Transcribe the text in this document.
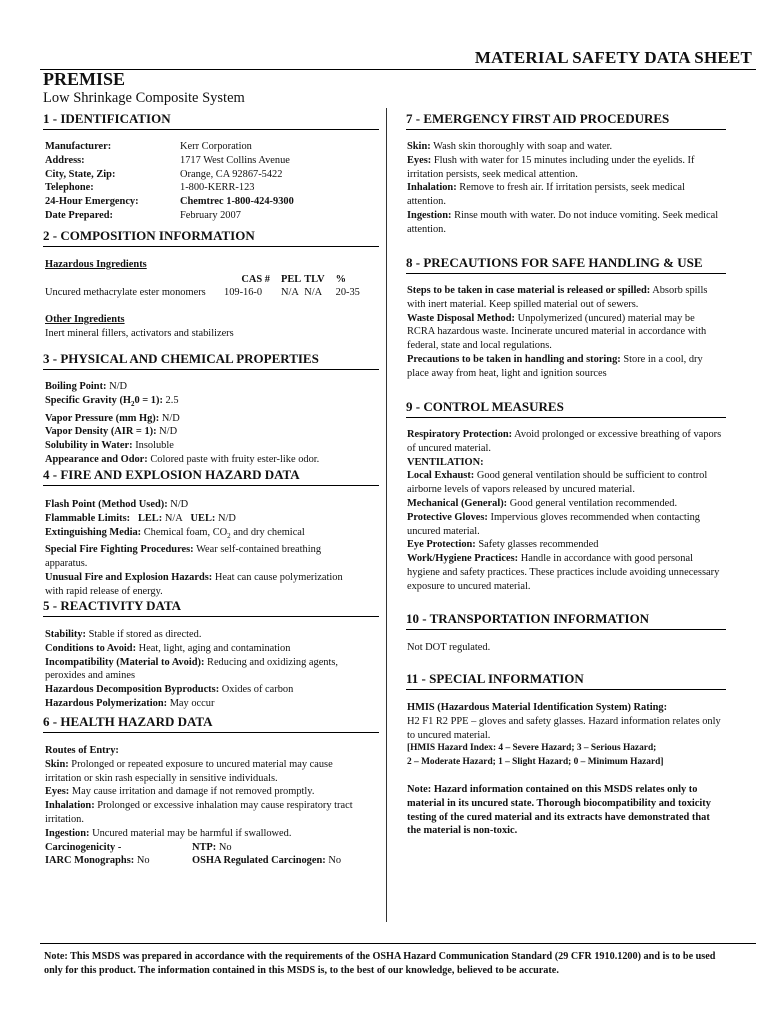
MATERIAL SAFETY DATA SHEET
PREMISE
Low Shrinkage Composite System
1 - IDENTIFICATION
Manufacturer:	Kerr Corporation
Address:	1717 West Collins Avenue
City, State, Zip:	Orange, CA 92867-5422
Telephone:	1-800-KERR-123
24-Hour Emergency:	Chemtrec 1-800-424-9300
Date Prepared:	February 2007
2 - COMPOSITION INFORMATION

Hazardous Ingredients

	CAS #	PEL	TLV	%
Uncured methacrylate ester monomers	109-16-0	N/A	N/A	20-35

Other Ingredients

Inert mineral fillers, activators and stabilizers

3 - PHYSICAL AND CHEMICAL PROPERTIES

Boiling Point: N/D

Specific Gravity $(H_20 = 1)$: 2.5

Vapor Pressure (mm Hg): N/D

Vapor Density (AIR = 1): N/D

Solubility in Water: Insoluble

Appearance and Odor: Colored paste with fruity ester-like odor.

4 - FIRE AND EXPLOSION HAZARD DATA

Flash Point (Method Used): N/D

Flammable Limits: LEL: N/A UEL: N/D

Extinguishing Media: Chemical foam, $CO_2$ and dry chemical

Special Fire Fighting Procedures: Wear self-contained breathing apparatus.

Unusual Fire and Explosion Hazards: Heat can cause polymerization with rapid release of energy.

5 - REACTIVITY DATA

Stability: Stable if stored as directed.

Conditions to Avoid: Heat, light, aging and contamination

Incompatibility (Material to Avoid): Reducing and oxidizing agents, peroxides and amines

Hazardous Decomposition Byproducts: Oxides of carbon

Hazardous Polymerization: May occur

6 - HEALTH HAZARD DATA

Routes of Entry:

Skin: Prolonged or repeated exposure to uncured material may cause irritation or skin rash especially in sensitive individuals.

Eyes: May cause irritation and damage if not removed promptly.

Inhalation: Prolonged or excessive inhalation may cause respiratory tract irritation.

Ingestion: Uncured material may be harmful if swallowed.

Carcinogenicity -	NTP: No

IARC Monographs: No	OSHA Regulated Carcinogen: No

7 - EMERGENCY FIRST AID PROCEDURES

Skin: Wash skin thoroughly with soap and water.

Eyes: Flush with water for 15 minutes including under the eyelids. If irritation persists, seek medical attention.

Inhalation: Remove to fresh air. If irritation persists, seek medical attention.

Ingestion: Rinse mouth with water. Do not induce vomiting. Seek medical attention.

8 - PRECAUTIONS FOR SAFE HANDLING & USE

Steps to be taken in case material is released or spilled: Absorb spills with inert material. Keep spilled material out of sewers.

Waste Disposal Method: Unpolymerized (uncured) material may be RCRA hazardous waste. Incinerate uncured material in accordance with federal, state and local regulations.

Precautions to be taken in handling and storing: Store in a cool, dry place away from heat, light and ignition sources

9 - CONTROL MEASURES

Respiratory Protection: Avoid prolonged or excessive breathing of vapors of uncured material.

VENTILATION:

Local Exhaust: Good general ventilation should be sufficient to control airborne levels of vapors released by uncured material.

Mechanical (General): Good general ventilation recommended.

Protective Gloves: Impervious gloves recommended when contacting uncured material.

Eye Protection: Safety glasses recommended

Work/Hygiene Practices: Handle in accordance with good personal hygiene and safety practices. These practices include avoiding unnecessary exposure to uncured material.

10 - TRANSPORTATION INFORMATION

Not DOT regulated.

11 - SPECIAL INFORMATION

HMIS (Hazardous Material Identification System) Rating:

H2 F1 R2 PPE – gloves and safety glasses. Hazard information relates only to uncured material.

[HMIS Hazard Index: 4 – Severe Hazard; 3 – Serious Hazard;

2 – Moderate Hazard; 1 – Slight Hazard; 0 – Minimum Hazard]

Note: Hazard information contained on this MSDS relates only to material in its uncured state. Thorough biocompatibility and toxicity testing of the cured material and its extracts have demonstrated that the material is non-toxic.

Note: This MSDS was prepared in accordance with the requirements of the OSHA Hazard Communication Standard (29 CFR 1910.1200) and is to be used only for this product. The information contained in this MSDS is, to the best of our knowledge, believed to be accurate.
